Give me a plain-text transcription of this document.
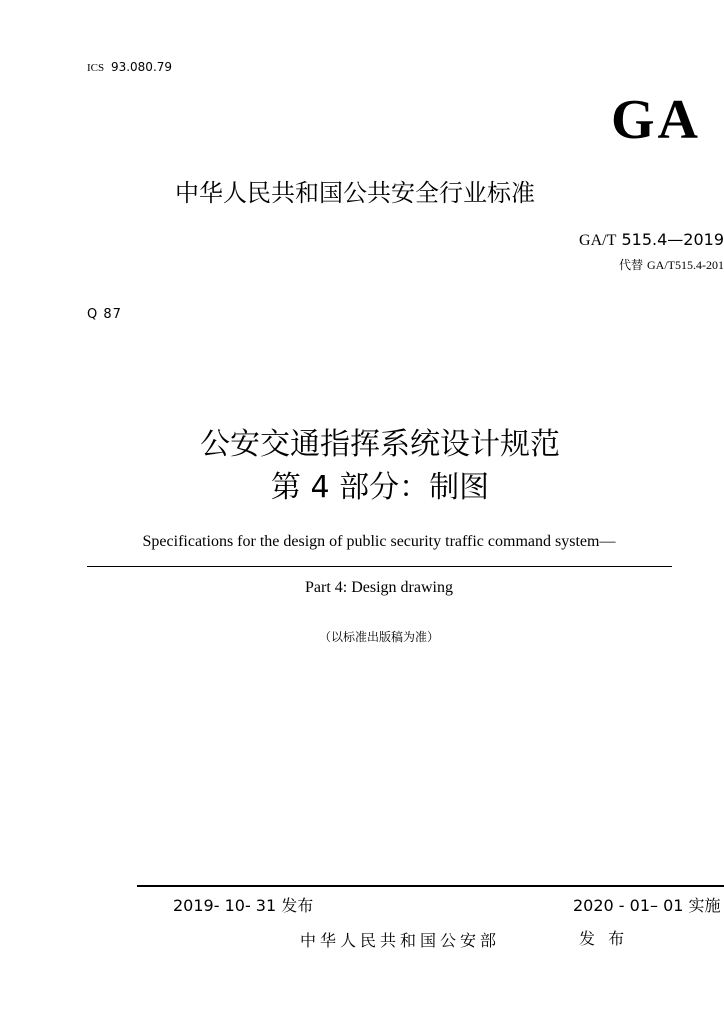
ICS 93.080.79
GA
中华人民共和国公共安全行业标准
GA/T 515.4—2019
代替 GA/T515.4-201
Q 87
公安交通指挥系统设计规范
第 4 部分：制图
Specifications for the design of public security traffic command system—
Part 4: Design drawing
（以标准出版稿为准）
2019- 10- 31 发布	2020 - 01– 01 实施
中华人民共和国公安部	发 布
